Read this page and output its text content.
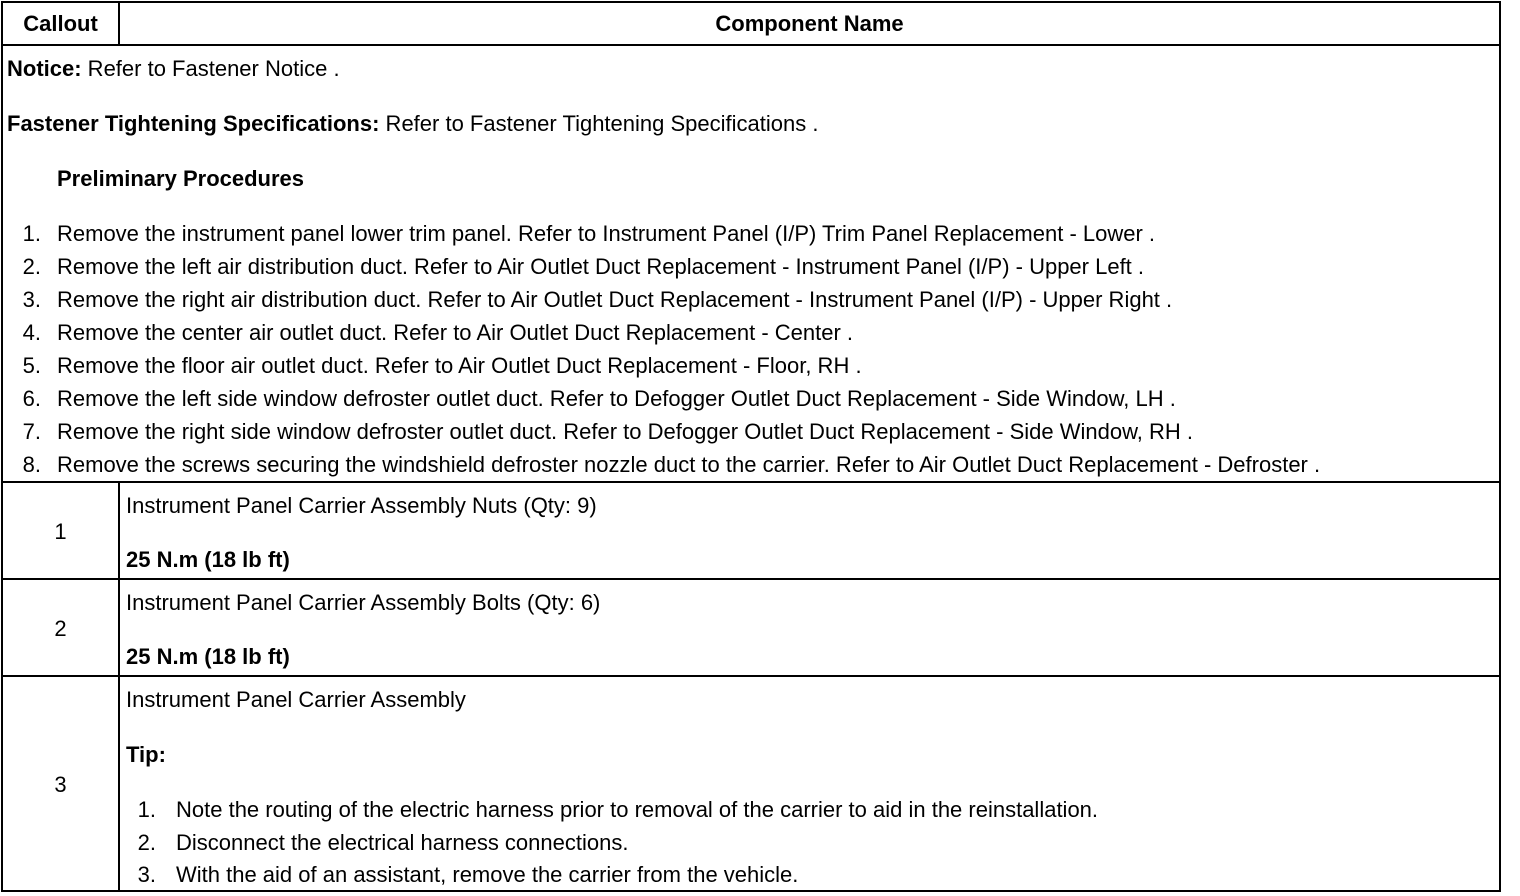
Callout	Component Name
Notice: Refer to Fastener Notice .
Fastener Tightening Specifications: Refer to Fastener Tightening Specifications .
Preliminary Procedures
1. Remove the instrument panel lower trim panel. Refer to Instrument Panel (I/P) Trim Panel Replacement - Lower .
2. Remove the left air distribution duct. Refer to Air Outlet Duct Replacement - Instrument Panel (I/P) - Upper Left .
3. Remove the right air distribution duct. Refer to Air Outlet Duct Replacement - Instrument Panel (I/P) - Upper Right .
4. Remove the center air outlet duct. Refer to Air Outlet Duct Replacement - Center .
5. Remove the floor air outlet duct. Refer to Air Outlet Duct Replacement - Floor, RH .
6. Remove the left side window defroster outlet duct. Refer to Defogger Outlet Duct Replacement - Side Window, LH .
7. Remove the right side window defroster outlet duct. Refer to Defogger Outlet Duct Replacement - Side Window, RH .
8. Remove the screws securing the windshield defroster nozzle duct to the carrier. Refer to Air Outlet Duct Replacement - Defroster .
1
Instrument Panel Carrier Assembly Nuts (Qty: 9)
25 N.m (18 lb ft)
2
Instrument Panel Carrier Assembly Bolts (Qty: 6)
25 N.m (18 lb ft)
3
Instrument Panel Carrier Assembly
Tip:
1. Note the routing of the electric harness prior to removal of the carrier to aid in the reinstallation.
2. Disconnect the electrical harness connections.
3. With the aid of an assistant, remove the carrier from the vehicle.
